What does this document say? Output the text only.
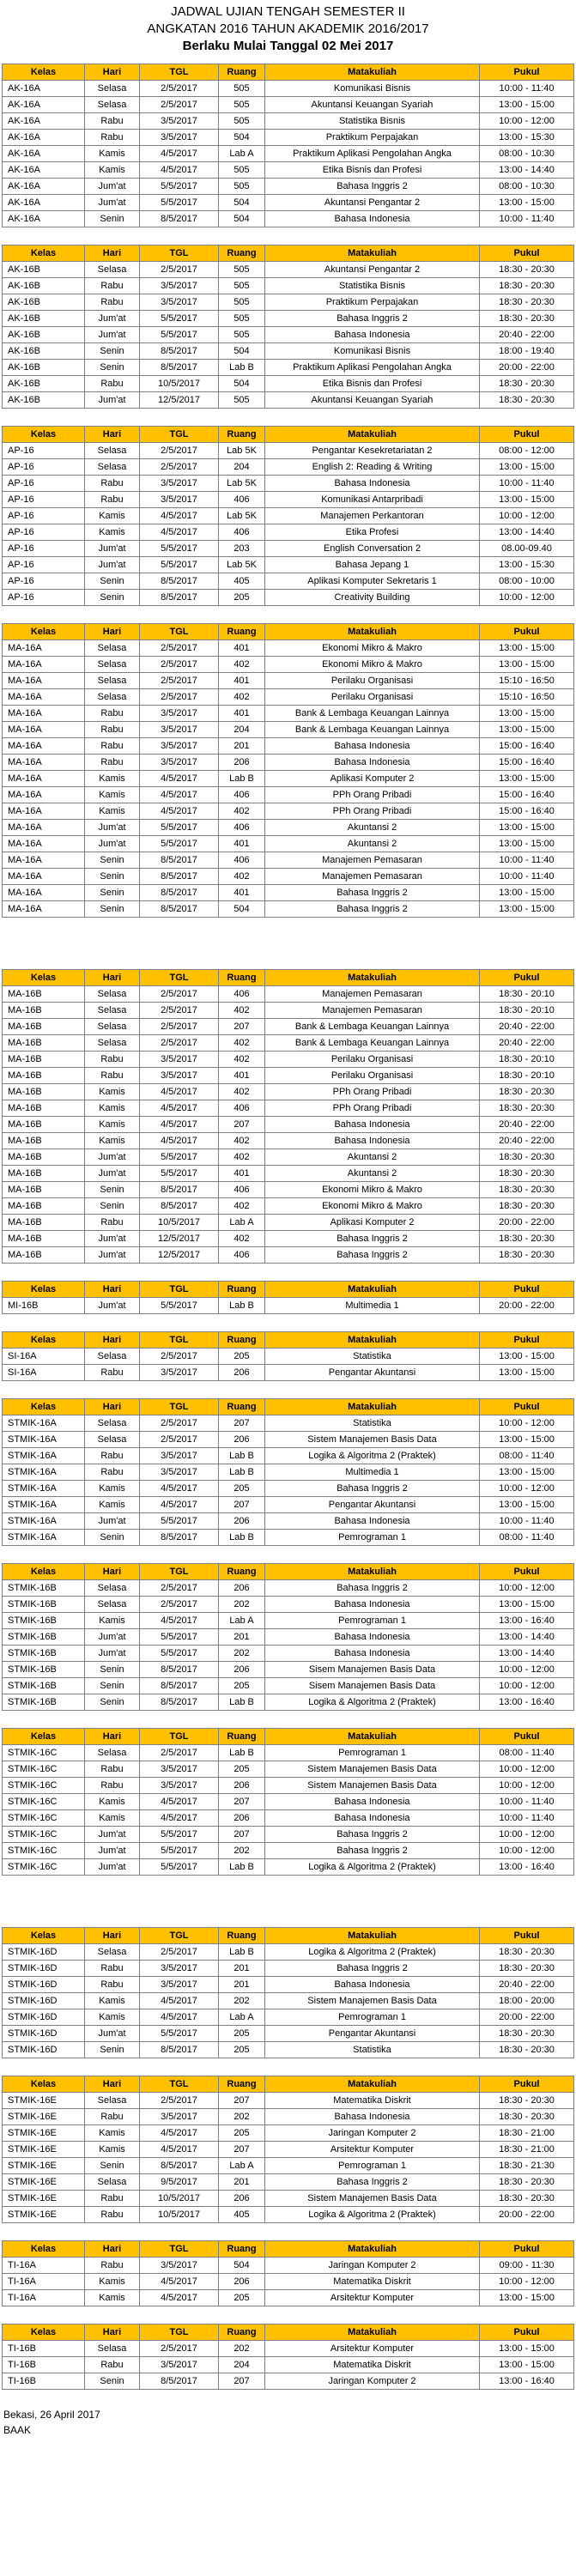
JADWAL UJIAN TENGAH SEMESTER II
ANGKATAN 2016 TAHUN AKADEMIK 2016/2017
Berlaku Mulai Tanggal 02 Mei 2017
Kelas	Hari	TGL	Ruang	Matakuliah	Pukul
AK-16A	Selasa	2/5/2017	505	Komunikasi Bisnis	10:00 - 11:40
AK-16A	Selasa	2/5/2017	505	Akuntansi Keuangan Syariah	13:00 - 15:00
AK-16A	Rabu	3/5/2017	505	Statistika Bisnis	10:00 - 12:00
AK-16A	Rabu	3/5/2017	504	Praktikum Perpajakan	13:00 - 15:30
AK-16A	Kamis	4/5/2017	Lab A	Praktikum Aplikasi Pengolahan Angka	08:00 - 10:30
AK-16A	Kamis	4/5/2017	505	Etika Bisnis dan Profesi	13:00 - 14:40
AK-16A	Jum'at	5/5/2017	505	Bahasa Inggris 2	08:00 - 10:30
AK-16A	Jum'at	5/5/2017	504	Akuntansi Pengantar 2	13:00 - 15:00
AK-16A	Senin	8/5/2017	504	Bahasa Indonesia	10:00 - 11:40
Kelas	Hari	TGL	Ruang	Matakuliah	Pukul
AK-16B	Selasa	2/5/2017	505	Akuntansi Pengantar 2	18:30 - 20:30
AK-16B	Rabu	3/5/2017	505	Statistika Bisnis	18:30 - 20:30
AK-16B	Rabu	3/5/2017	505	Praktikum Perpajakan	18:30 - 20:30
AK-16B	Jum'at	5/5/2017	505	Bahasa Inggris 2	18:30 - 20:30
AK-16B	Jum'at	5/5/2017	505	Bahasa Indonesia	20:40 - 22:00
AK-16B	Senin	8/5/2017	504	Komunikasi Bisnis	18:00 - 19:40
AK-16B	Senin	8/5/2017	Lab B	Praktikum Aplikasi Pengolahan Angka	20:00 - 22:00
AK-16B	Rabu	10/5/2017	504	Etika Bisnis dan Profesi	18:30 - 20:30
AK-16B	Jum'at	12/5/2017	505	Akuntansi Keuangan Syariah	18:30 - 20:30
Kelas	Hari	TGL	Ruang	Matakuliah	Pukul
AP-16	Selasa	2/5/2017	Lab 5K	Pengantar Kesekretariatan 2	08:00 - 12:00
AP-16	Selasa	2/5/2017	204	English 2: Reading & Writing	13:00 - 15:00
AP-16	Rabu	3/5/2017	Lab 5K	Bahasa Indonesia	10:00 - 11:40
AP-16	Rabu	3/5/2017	406	Komunikasi Antarpribadi	13:00 - 15:00
AP-16	Kamis	4/5/2017	Lab 5K	Manajemen Perkantoran	10:00 - 12:00
AP-16	Kamis	4/5/2017	406	Etika Profesi	13:00 - 14:40
AP-16	Jum'at	5/5/2017	203	English Conversation 2	08.00-09.40
AP-16	Jum'at	5/5/2017	Lab 5K	Bahasa Jepang 1	13:00 - 15:30
AP-16	Senin	8/5/2017	405	Aplikasi Komputer Sekretaris 1	08:00 - 10:00
AP-16	Senin	8/5/2017	205	Creativity Building	10:00 - 12:00
Kelas	Hari	TGL	Ruang	Matakuliah	Pukul
MA-16A	Selasa	2/5/2017	401	Ekonomi Mikro & Makro	13:00 - 15:00
MA-16A	Selasa	2/5/2017	402	Ekonomi Mikro & Makro	13:00 - 15:00
MA-16A	Selasa	2/5/2017	401	Perilaku Organisasi	15:10 - 16:50
MA-16A	Selasa	2/5/2017	402	Perilaku Organisasi	15:10 - 16:50
MA-16A	Rabu	3/5/2017	401	Bank & Lembaga Keuangan Lainnya	13:00 - 15:00
MA-16A	Rabu	3/5/2017	204	Bank & Lembaga Keuangan Lainnya	13:00 - 15:00
MA-16A	Rabu	3/5/2017	201	Bahasa Indonesia	15:00 - 16:40
MA-16A	Rabu	3/5/2017	206	Bahasa Indonesia	15:00 - 16:40
MA-16A	Kamis	4/5/2017	Lab B	Aplikasi Komputer 2	13:00 - 15:00
MA-16A	Kamis	4/5/2017	406	PPh Orang Pribadi	15:00 - 16:40
MA-16A	Kamis	4/5/2017	402	PPh Orang Pribadi	15:00 - 16:40
MA-16A	Jum'at	5/5/2017	406	Akuntansi 2	13:00 - 15:00
MA-16A	Jum'at	5/5/2017	401	Akuntansi 2	13:00 - 15:00
MA-16A	Senin	8/5/2017	406	Manajemen Pemasaran	10:00 - 11:40
MA-16A	Senin	8/5/2017	402	Manajemen Pemasaran	10:00 - 11:40
MA-16A	Senin	8/5/2017	401	Bahasa Inggris 2	13:00 - 15:00
MA-16A	Senin	8/5/2017	504	Bahasa Inggris 2	13:00 - 15:00
Kelas	Hari	TGL	Ruang	Matakuliah	Pukul
MA-16B	Selasa	2/5/2017	406	Manajemen Pemasaran	18:30 - 20:10
MA-16B	Selasa	2/5/2017	402	Manajemen Pemasaran	18:30 - 20:10
MA-16B	Selasa	2/5/2017	207	Bank & Lembaga Keuangan Lainnya	20:40 - 22:00
MA-16B	Selasa	2/5/2017	402	Bank & Lembaga Keuangan Lainnya	20:40 - 22:00
MA-16B	Rabu	3/5/2017	402	Perilaku Organisasi	18:30 - 20:10
MA-16B	Rabu	3/5/2017	401	Perilaku Organisasi	18:30 - 20:10
MA-16B	Kamis	4/5/2017	402	PPh Orang Pribadi	18:30 - 20:30
MA-16B	Kamis	4/5/2017	406	PPh Orang Pribadi	18:30 - 20:30
MA-16B	Kamis	4/5/2017	207	Bahasa Indonesia	20:40 - 22:00
MA-16B	Kamis	4/5/2017	402	Bahasa Indonesia	20:40 - 22:00
MA-16B	Jum'at	5/5/2017	402	Akuntansi 2	18:30 - 20:30
MA-16B	Jum'at	5/5/2017	401	Akuntansi 2	18:30 - 20:30
MA-16B	Senin	8/5/2017	406	Ekonomi Mikro & Makro	18:30 - 20:30
MA-16B	Senin	8/5/2017	402	Ekonomi Mikro & Makro	18:30 - 20:30
MA-16B	Rabu	10/5/2017	Lab A	Aplikasi Komputer 2	20:00 - 22:00
MA-16B	Jum'at	12/5/2017	402	Bahasa Inggris 2	18:30 - 20:30
MA-16B	Jum'at	12/5/2017	406	Bahasa Inggris 2	18:30 - 20:30
Kelas	Hari	TGL	Ruang	Matakuliah	Pukul
MI-16B	Jum'at	5/5/2017	Lab B	Multimedia 1	20:00 - 22:00
Kelas	Hari	TGL	Ruang	Matakuliah	Pukul
SI-16A	Selasa	2/5/2017	205	Statistika	13:00 - 15:00
SI-16A	Rabu	3/5/2017	206	Pengantar Akuntansi	13:00 - 15:00
Kelas	Hari	TGL	Ruang	Matakuliah	Pukul
STMIK-16A	Selasa	2/5/2017	207	Statistika	10:00 - 12:00
STMIK-16A	Selasa	2/5/2017	206	Sistem Manajemen Basis Data	13:00 - 15:00
STMIK-16A	Rabu	3/5/2017	Lab B	Logika & Algoritma 2 (Praktek)	08:00 - 11:40
STMIK-16A	Rabu	3/5/2017	Lab B	Multimedia 1	13:00 - 15:00
STMIK-16A	Kamis	4/5/2017	205	Bahasa Inggris 2	10:00 - 12:00
STMIK-16A	Kamis	4/5/2017	207	Pengantar Akuntansi	13:00 - 15:00
STMIK-16A	Jum'at	5/5/2017	206	Bahasa Indonesia	10:00 - 11:40
STMIK-16A	Senin	8/5/2017	Lab B	Pemrograman 1	08:00 - 11:40
Kelas	Hari	TGL	Ruang	Matakuliah	Pukul
STMIK-16B	Selasa	2/5/2017	206	Bahasa Inggris 2	10:00 - 12:00
STMIK-16B	Selasa	2/5/2017	202	Bahasa Indonesia	13:00 - 15:00
STMIK-16B	Kamis	4/5/2017	Lab A	Pemrograman 1	13:00 - 16:40
STMIK-16B	Jum'at	5/5/2017	201	Bahasa Indonesia	13:00 - 14:40
STMIK-16B	Jum'at	5/5/2017	202	Bahasa Indonesia	13:00 - 14:40
STMIK-16B	Senin	8/5/2017	206	Sisem Manajemen Basis Data	10:00 - 12:00
STMIK-16B	Senin	8/5/2017	205	Sisem Manajemen Basis Data	10:00 - 12:00
STMIK-16B	Senin	8/5/2017	Lab B	Logika & Algoritma 2 (Praktek)	13:00 - 16:40
Kelas	Hari	TGL	Ruang	Matakuliah	Pukul
STMIK-16C	Selasa	2/5/2017	Lab B	Pemrograman 1	08:00 - 11:40
STMIK-16C	Rabu	3/5/2017	205	Sistem Manajemen Basis Data	10:00 - 12:00
STMIK-16C	Rabu	3/5/2017	206	Sistem Manajemen Basis Data	10:00 - 12:00
STMIK-16C	Kamis	4/5/2017	207	Bahasa Indonesia	10:00 - 11:40
STMIK-16C	Kamis	4/5/2017	206	Bahasa Indonesia	10:00 - 11:40
STMIK-16C	Jum'at	5/5/2017	207	Bahasa Inggris 2	10:00 - 12:00
STMIK-16C	Jum'at	5/5/2017	202	Bahasa Inggris 2	10:00 - 12:00
STMIK-16C	Jum'at	5/5/2017	Lab B	Logika & Algoritma 2 (Praktek)	13:00 - 16:40
Kelas	Hari	TGL	Ruang	Matakuliah	Pukul
STMIK-16D	Selasa	2/5/2017	Lab B	Logika & Algoritma 2 (Praktek)	18:30 - 20:30
STMIK-16D	Rabu	3/5/2017	201	Bahasa Inggris 2	18:30 - 20:30
STMIK-16D	Rabu	3/5/2017	201	Bahasa Indonesia	20:40 - 22:00
STMIK-16D	Kamis	4/5/2017	202	Sistem Manajemen Basis Data	18:00 - 20:00
STMIK-16D	Kamis	4/5/2017	Lab A	Pemrograman 1	20:00 - 22:00
STMIK-16D	Jum'at	5/5/2017	205	Pengantar Akuntansi	18:30 - 20:30
STMIK-16D	Senin	8/5/2017	205	Statistika	18:30 - 20:30
Kelas	Hari	TGL	Ruang	Matakuliah	Pukul
STMIK-16E	Selasa	2/5/2017	207	Matematika Diskrit	18:30 - 20:30
STMIK-16E	Rabu	3/5/2017	202	Bahasa Indonesia	18:30 - 20:30
STMIK-16E	Kamis	4/5/2017	205	Jaringan Komputer 2	18:30 - 21:00
STMIK-16E	Kamis	4/5/2017	207	Arsitektur Komputer	18:30 - 21:00
STMIK-16E	Senin	8/5/2017	Lab A	Pemrograman 1	18:30 - 21:30
STMIK-16E	Selasa	9/5/2017	201	Bahasa Inggris 2	18:30 - 20:30
STMIK-16E	Rabu	10/5/2017	206	Sistem Manajemen Basis Data	18:30 - 20:30
STMIK-16E	Rabu	10/5/2017	405	Logika & Algoritma 2 (Praktek)	20:00 - 22:00
Kelas	Hari	TGL	Ruang	Matakuliah	Pukul
TI-16A	Rabu	3/5/2017	504	Jaringan Komputer 2	09:00 - 11:30
TI-16A	Kamis	4/5/2017	206	Matematika Diskrit	10:00 - 12:00
TI-16A	Kamis	4/5/2017	205	Arsitektur Komputer	13:00 - 15:00
Kelas	Hari	TGL	Ruang	Matakuliah	Pukul
TI-16B	Selasa	2/5/2017	202	Arsitektur Komputer	13:00 - 15:00
TI-16B	Rabu	3/5/2017	204	Matematika Diskrit	13:00 - 15:00
TI-16B	Senin	8/5/2017	207	Jaringan Komputer 2	13:00 - 16:40
Bekasi, 26 April 2017
BAAK
